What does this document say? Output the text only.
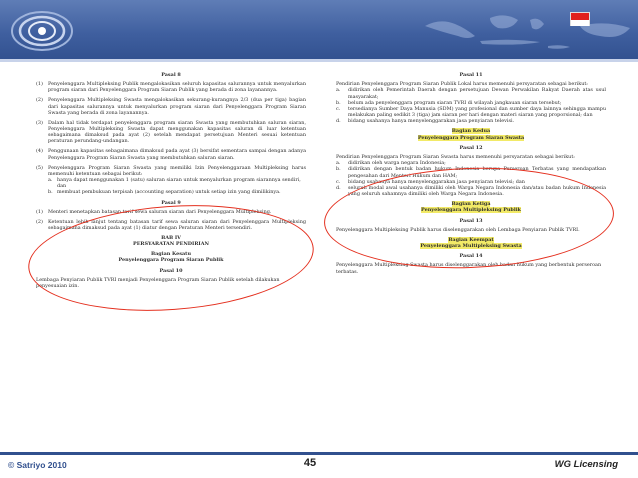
Pasal 8
(1)	Penyelenggara Multipleksing Publik mengalokasikan seluruh kapasitas salurannya untuk menyalurkan program siaran dari Penyelenggara Program Siaran Publik yang berada di zona layanannya.
(2)	Penyelenggara Multipleksing Swasta mengalokasikan sekurang-kurangnya 2/3 (dua per tiga) bagian dari kapasitas salurannya untuk menyalurkan program siaran dari Penyelenggara Program Siaran Swasta yang berada di zona layanannya.
(3)	Dalam hal tidak terdapat penyelenggara program siaran Swasta yang membutuhkan saluran siaran, Penyelenggara Multipleksing Swasta dapat menggunakan kapasitas saluran di luar ketentuan sebagaimana dimaksud pada ayat (2) setelah mendapat persetujuan Menteri sesuai ketentuan peraturan perundang-undangan.
(4)	Penggunaan kapasitas sebagaimana dimaksud pada ayat (3) bersifat sementara sampai dengan adanya Penyelenggara Program Siaran Swasta yang membutuhkan saluran siaran.
(5)	Penyelenggara Program Siaran Swasta yang memiliki Izin Penyelenggaraan Multipleksing harus memenuhi ketentuan sebagai berikut:
a. hanya dapat menggunakan 1 (satu) saluran siaran untuk menyalurkan program siarannya sendiri, dan
b. membuat pembukuan terpisah (accounting separation) untuk setiap izin yang dimilikinya.
Pasal 9
(1)	Menteri menetapkan batasan tarif sewa saluran siaran dari Penyelenggara Multipleksing.
(2)	Ketentuan lebih lanjut tentang batasan tarif sewa saluran siaran dari Penyelenggara Multipleksing sebagaimana dimaksud pada ayat (1) diatur dengan Peraturan Menteri tersendiri.
BAB IV
PERSYARATAN PENDIRIAN
Bagian Kesatu
Penyelenggara Program Siaran Publik
Pasal 10
Lembaga Penyiaran Publik TVRI menjadi Penyelenggara Program Siaran Publik setelah dilakukan penyesuaian izin.
Pasal 11
Pendirian Penyelenggara Program Siaran Publik Lokal harus memenuhi persyaratan sebagai berikut:
a.	didirikan oleh Pemerintah Daerah dengan persetujuan Dewan Perwakilan Rakyat Daerah atas usul masyarakat;
b.	belum ada penyelenggara program siaran TVRI di wilayah jangkauan siaran tersebut;
c.	tersedianya Sumber Daya Manusia (SDM) yang profesional dan sumber daya lainnya sehingga mampu melakukan paling sedikit 3 (tiga) jam siaran per hari dengan materi siaran yang proporsional; dan
d.	bidang usahanya hanya menyelenggarakan jasa penyiaran televisi.
Bagian Kedua
Penyelenggara Program Siaran Swasta
Pasal 12
Pendirian Penyelenggara Program Siaran Swasta harus memenuhi persyaratan sebagai berikut:
a.	didirikan oleh warga negara Indonesia;
b.	didirikan dengan bentuk badan hukum Indonesia berupa Perseroan Terbatas yang mendapatkan pengesahan dari Menteri Hukum dan HAM;
c.	bidang usahanya hanya menyelenggarakan jasa penyiaran televisi; dan
d.	seluruh modal awal usahanya dimiliki oleh Warga Negara Indonesia dan/atau badan hukum Indonesia yang seluruh sahamnya dimiliki oleh Warga Negara Indonesia.
Bagian Ketiga
Penyelenggara Multipleksing Publik
Pasal 13
Penyelenggara Multipleksing Publik harus diselenggarakan oleh Lembaga Penyiaran Publik TVRI.
Bagian Keempat
Penyelenggara Multipleksing Swasta
Pasal 14
Penyelenggara Multipleksing Swasta harus diselenggarakan oleh badan hukum yang berbentuk perseroan terbatas.
© Satriyo 2010	45	WG Licensing
